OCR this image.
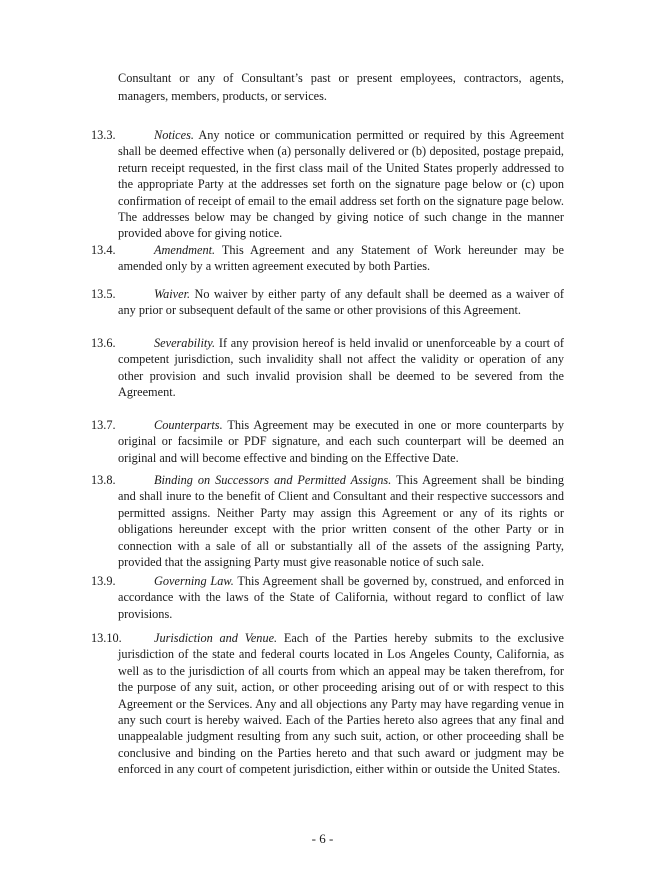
Consultant or any of Consultant’s past or present employees, contractors, agents, managers, members, products, or services.
13.3.	Notices. Any notice or communication permitted or required by this Agreement shall be deemed effective when (a) personally delivered or (b) deposited, postage prepaid, return receipt requested, in the first class mail of the United States properly addressed to the appropriate Party at the addresses set forth on the signature page below or (c) upon confirmation of receipt of email to the email address set forth on the signature page below. The addresses below may be changed by giving notice of such change in the manner provided above for giving notice.
13.4.	Amendment. This Agreement and any Statement of Work hereunder may be amended only by a written agreement executed by both Parties.
13.5.	Waiver. No waiver by either party of any default shall be deemed as a waiver of any prior or subsequent default of the same or other provisions of this Agreement.
13.6.	Severability. If any provision hereof is held invalid or unenforceable by a court of competent jurisdiction, such invalidity shall not affect the validity or operation of any other provision and such invalid provision shall be deemed to be severed from the Agreement.
13.7.	Counterparts. This Agreement may be executed in one or more counterparts by original or facsimile or PDF signature, and each such counterpart will be deemed an original and will become effective and binding on the Effective Date.
13.8.	Binding on Successors and Permitted Assigns. This Agreement shall be binding and shall inure to the benefit of Client and Consultant and their respective successors and permitted assigns. Neither Party may assign this Agreement or any of its rights or obligations hereunder except with the prior written consent of the other Party or in connection with a sale of all or substantially all of the assets of the assigning Party, provided that the assigning Party must give reasonable notice of such sale.
13.9.	Governing Law. This Agreement shall be governed by, construed, and enforced in accordance with the laws of the State of California, without regard to conflict of law provisions.
13.10.	Jurisdiction and Venue. Each of the Parties hereby submits to the exclusive jurisdiction of the state and federal courts located in Los Angeles County, California, as well as to the jurisdiction of all courts from which an appeal may be taken therefrom, for the purpose of any suit, action, or other proceeding arising out of or with respect to this Agreement or the Services. Any and all objections any Party may have regarding venue in any such court is hereby waived. Each of the Parties hereto also agrees that any final and unappealable judgment resulting from any such suit, action, or other proceeding shall be conclusive and binding on the Parties hereto and that such award or judgment may be enforced in any court of competent jurisdiction, either within or outside the United States.
- 6 -
